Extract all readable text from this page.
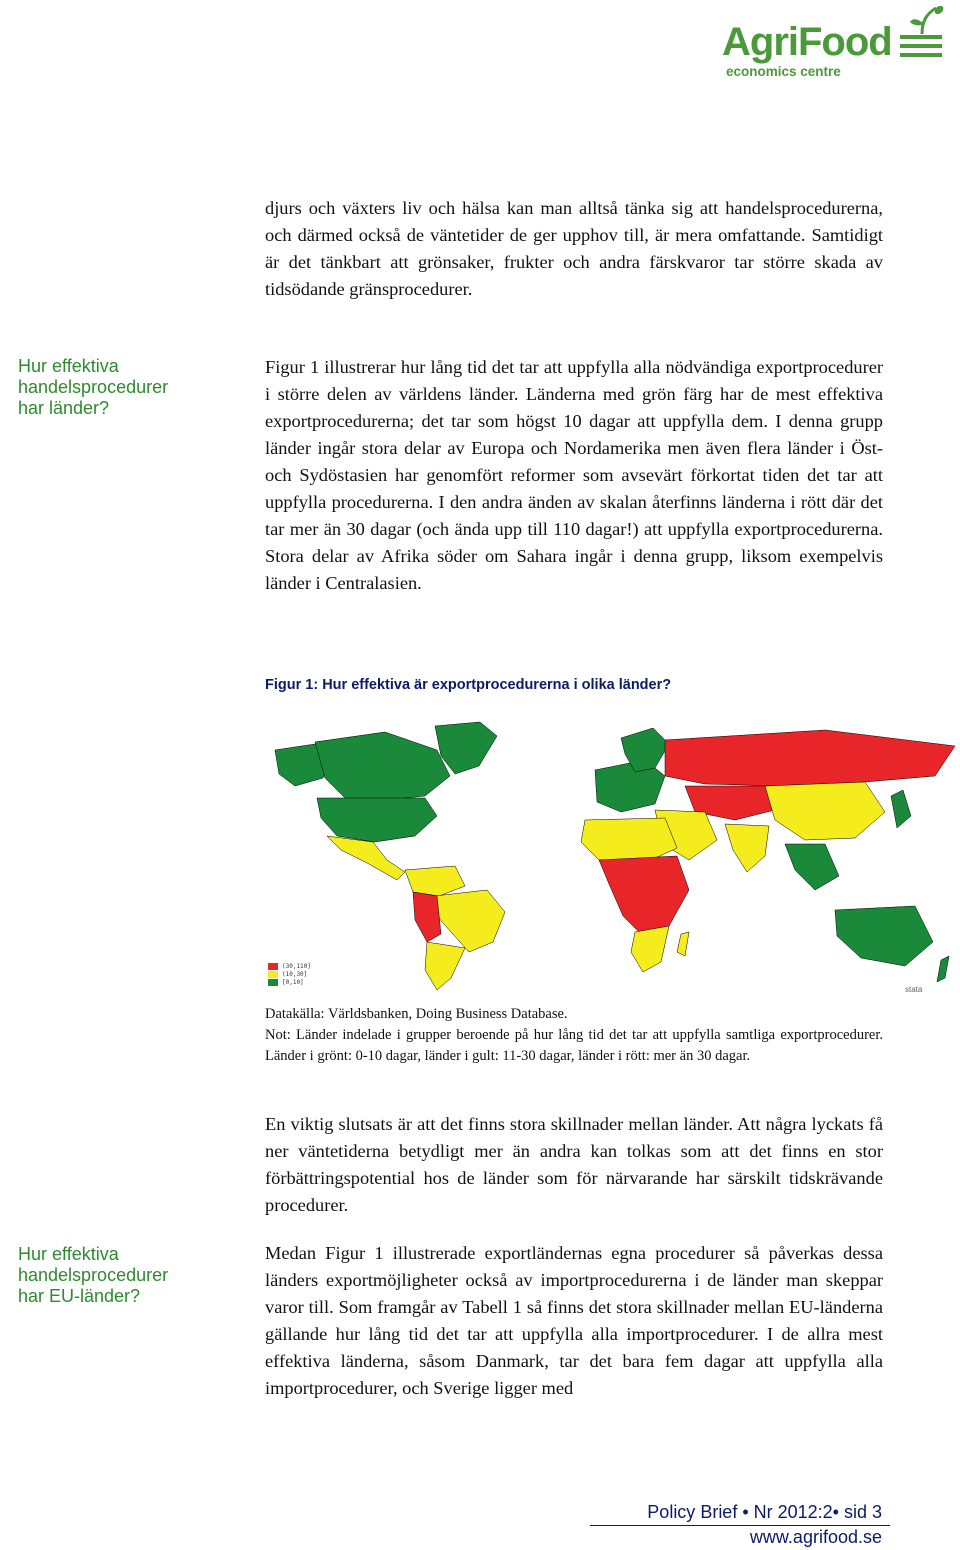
AgriFood
economics centre
Hur effektiva
handelsprocedurer
har länder?

djurs och växters liv och hälsa kan man alltså tänka sig att handelsprocedurerna, och därmed också de väntetider de ger upphov till, är mera omfattande. Samtidigt är det tänkbart att grönsaker, frukter och andra färskvaror tar större skada av tidsödande gränsprocedurer.

Figur 1 illustrerar hur lång tid det tar att uppfylla alla nödvändiga exportprocedurer i större delen av världens länder. Länderna med grön färg har de mest effektiva exportprocedurerna; det tar som högst 10 dagar att uppfylla dem. I denna grupp länder ingår stora delar av Europa och Nordamerika men även flera länder i Öst- och Sydöstasien har genomfört reformer som avsevärt förkortat tiden det tar att uppfylla procedurerna. I den andra änden av skalan återfinns länderna i rött där det tar mer än 30 dagar (och ända upp till 110 dagar!) att uppfylla exportprocedurerna. Stora delar av Afrika söder om Sahara ingår i denna grupp, liksom exempelvis länder i Centralasien.

Figur 1: Hur effektiva är exportprocedurerna i olika länder?
(30,110]
(10,30]
[0,10]
stata

Datakälla: Världsbanken, Doing Business Database.

Not: Länder indelade i grupper beroende på hur lång tid det tar att uppfylla samtliga exportprocedurer. Länder i grönt: 0-10 dagar, länder i gult: 11-30 dagar, länder i rött: mer än 30 dagar.

En viktig slutsats är att det finns stora skillnader mellan länder. Att några lyckats få ner väntetiderna betydligt mer än andra kan tolkas som att det finns en stor förbättringspotential hos de länder som för närvarande har särskilt tidskrävande procedurer.

Hur effektiva
handelsprocedurer
har EU-länder?

Medan Figur 1 illustrerade exportländernas egna procedurer så påverkas dessa länders exportmöjligheter också av importprocedurerna i de länder man skeppar varor till. Som framgår av Tabell 1 så finns det stora skillnader mellan EU-länderna gällande hur lång tid det tar att uppfylla alla importprocedurer. I de allra mest effektiva länderna, såsom Danmark, tar det bara fem dagar att uppfylla alla importprocedurer, och Sverige ligger med

Policy Brief • Nr 2012:2• sid 3
www.agrifood.se
